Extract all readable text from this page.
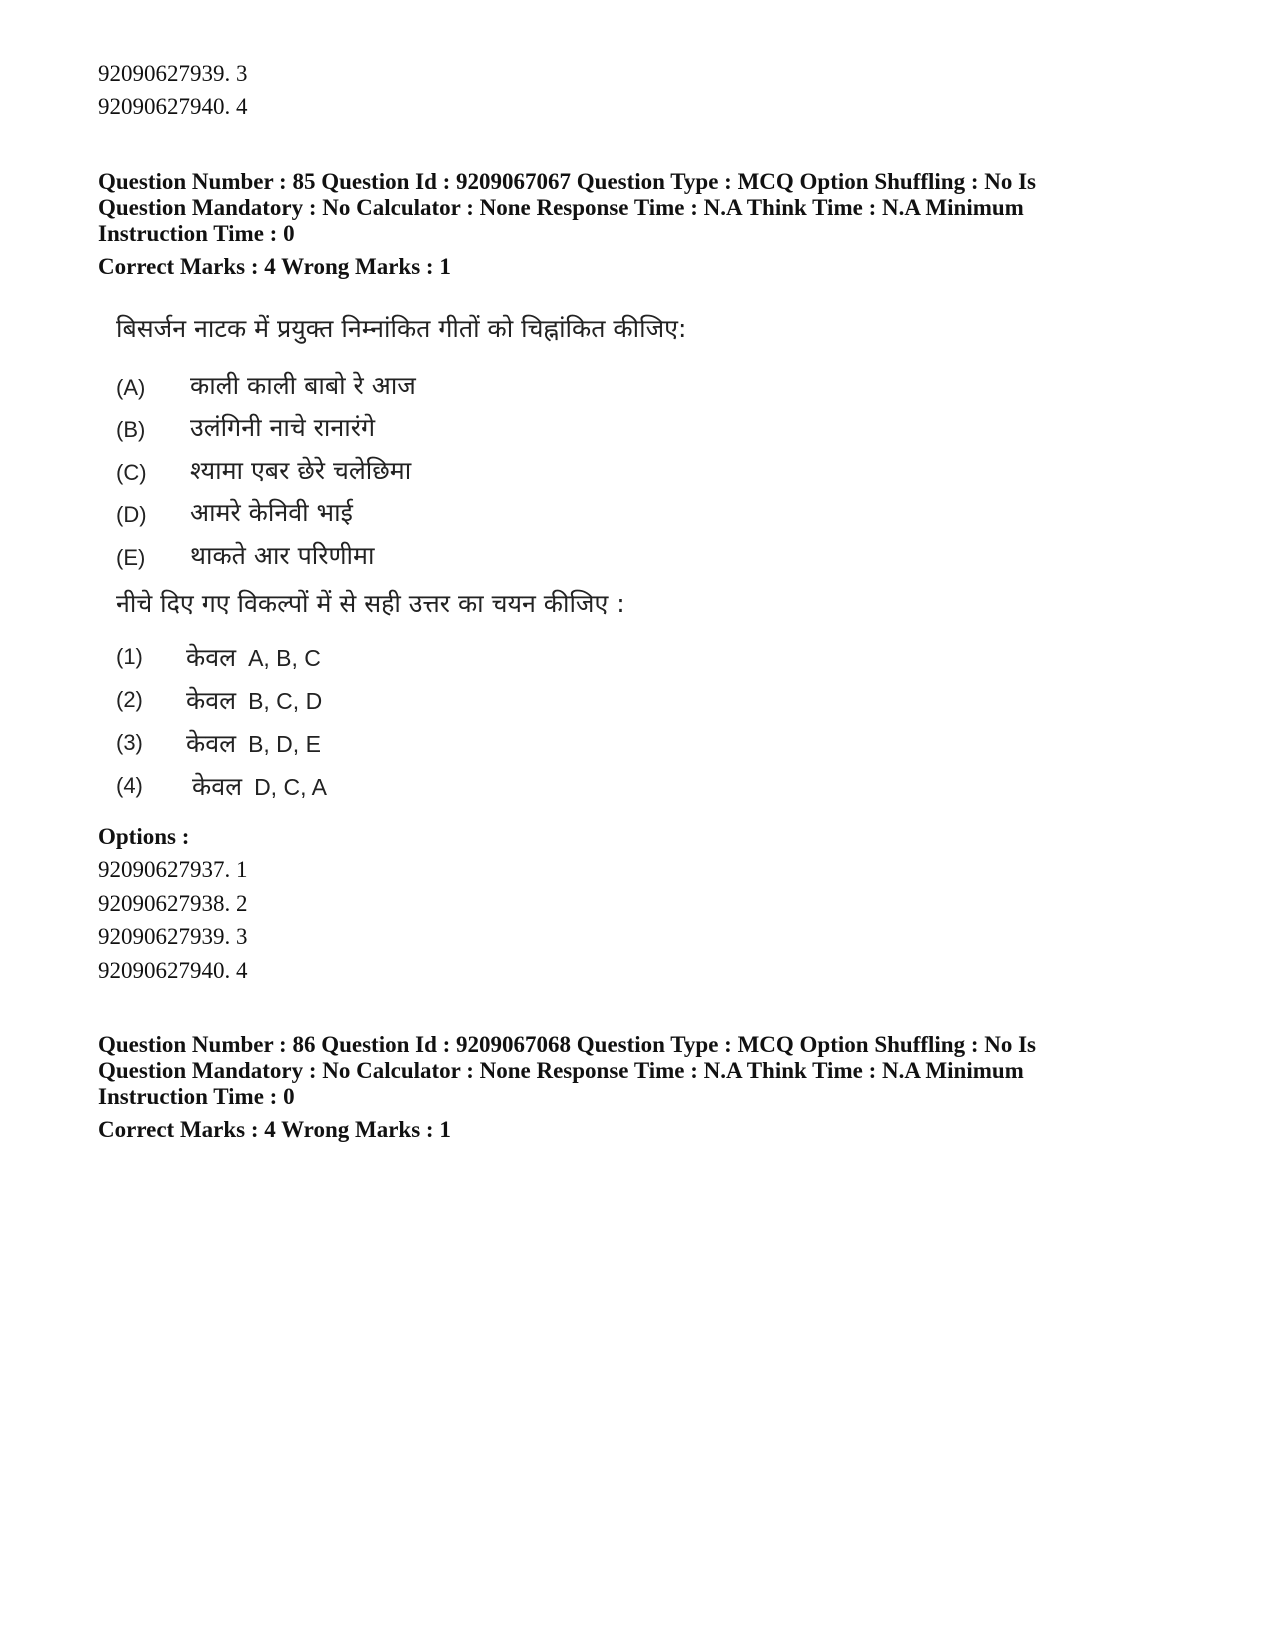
92090627939. 3
92090627940. 4
Question Number : 85 Question Id : 9209067067 Question Type : MCQ Option Shuffling : No Is
Question Mandatory : No Calculator : None Response Time : N.A Think Time : N.A Minimum
Instruction Time : 0
Correct Marks : 4 Wrong Marks : 1
बिसर्जन नाटक में प्रयुक्त निम्नांकित गीतों को चिह्नांकित कीजिए:
(A) काली काली बाबो रे आज
(B) उलंगिनी नाचे रानारंगे
(C) श्यामा एबर छेरे चलेछिमा
(D) आमरे केनिवी भाई
(E) थाकते आर परिणीमा
नीचे दिए गए विकल्पों में से सही उत्तर का चयन कीजिए :
(1) केवल A, B, C
(2) केवल B, C, D
(3) केवल B, D, E
(4) केवल D, C, A
Options :
92090627937. 1
92090627938. 2
92090627939. 3
92090627940. 4
Question Number : 86 Question Id : 9209067068 Question Type : MCQ Option Shuffling : No Is
Question Mandatory : No Calculator : None Response Time : N.A Think Time : N.A Minimum
Instruction Time : 0
Correct Marks : 4 Wrong Marks : 1
